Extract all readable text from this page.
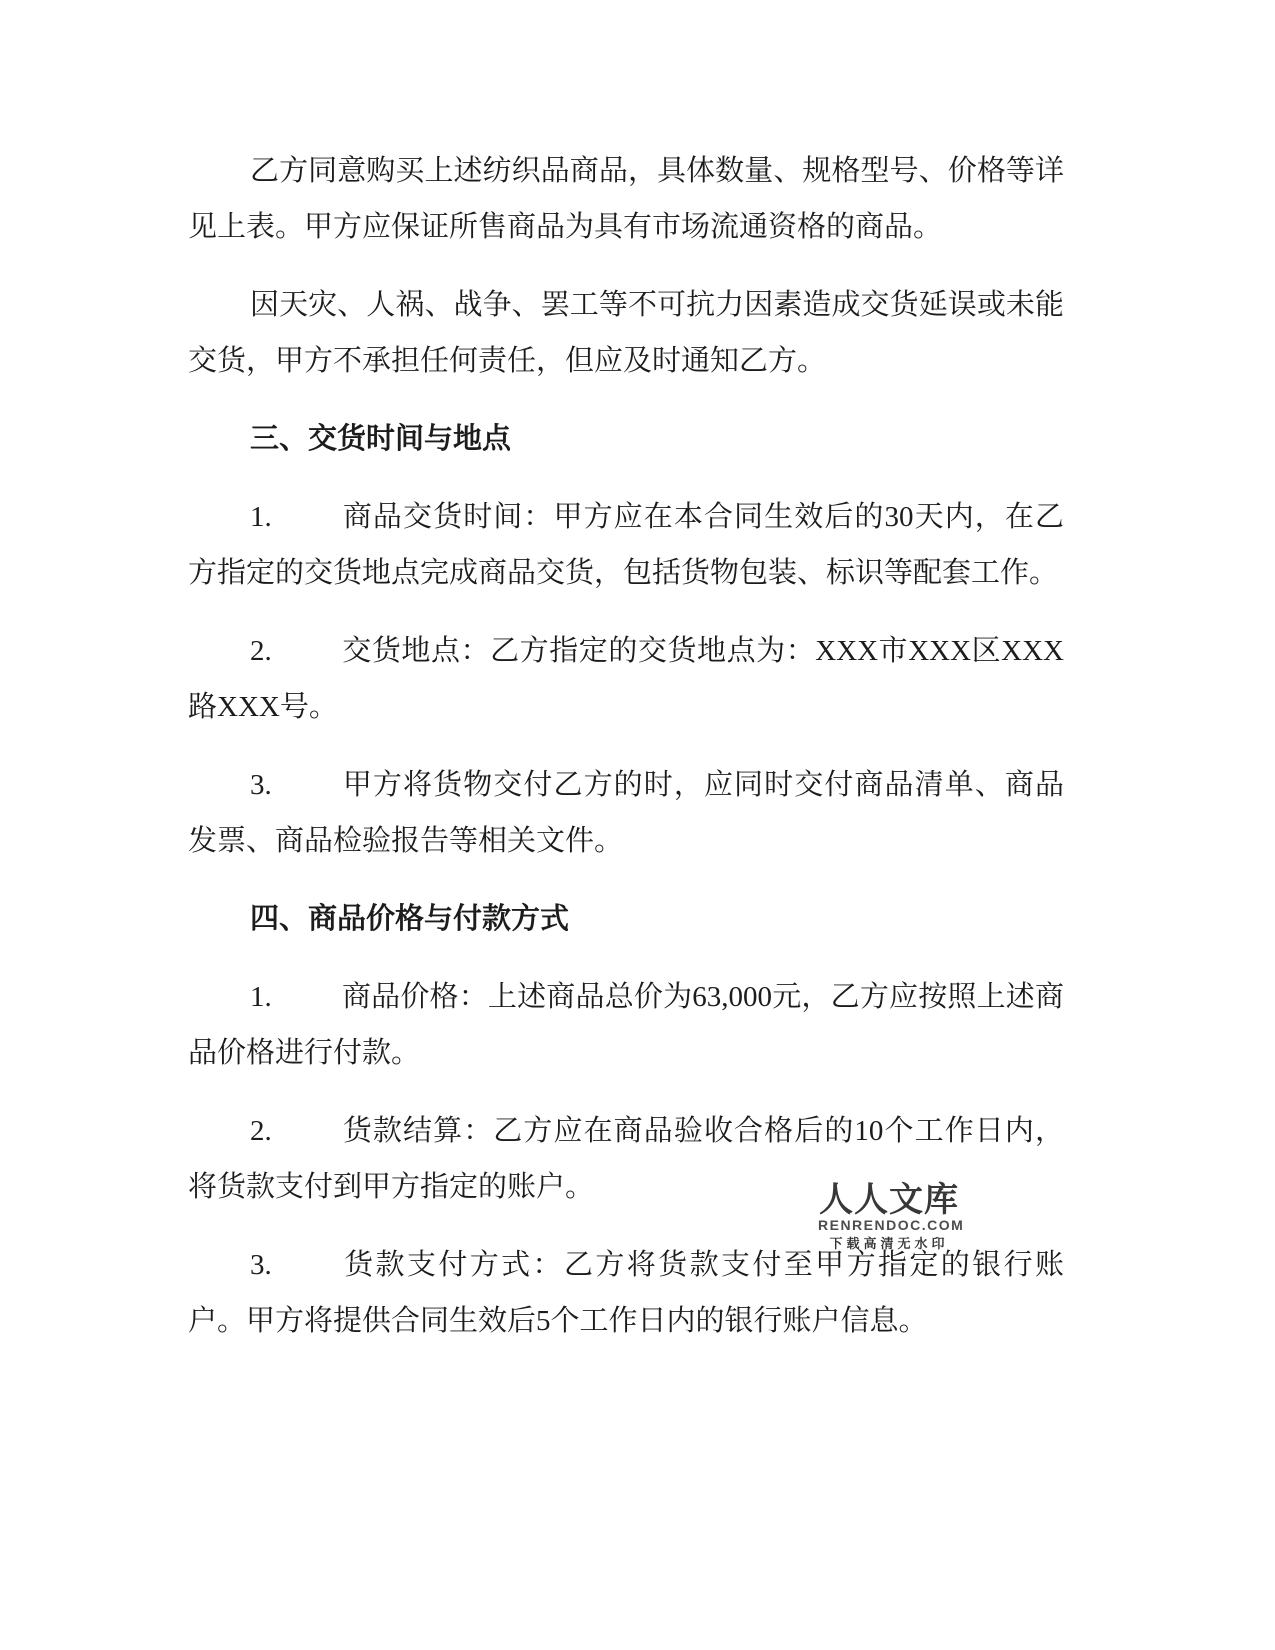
乙方同意购买上述纺织品商品，具体数量、规格型号、价格等详见上表。甲方应保证所售商品为具有市场流通资格的商品。
因天灾、人祸、战争、罢工等不可抗力因素造成交货延误或未能交货，甲方不承担任何责任，但应及时通知乙方。
三、交货时间与地点
1. 商品交货时间：甲方应在本合同生效后的30天内，在乙方指定的交货地点完成商品交货，包括货物包装、标识等配套工作。
2. 交货地点：乙方指定的交货地点为：XXX市XXX区XXX路XXX号。
3. 甲方将货物交付乙方的时，应同时交付商品清单、商品发票、商品检验报告等相关文件。
四、商品价格与付款方式
1. 商品价格：上述商品总价为63,000元，乙方应按照上述商品价格进行付款。
2. 货款结算：乙方应在商品验收合格后的10个工作日内，将货款支付到甲方指定的账户。
3. 货款支付方式：乙方将货款支付至甲方指定的银行账户。甲方将提供合同生效后5个工作日内的银行账户信息。
人人文库
RENRENDOC.COM
下载高清无水印
